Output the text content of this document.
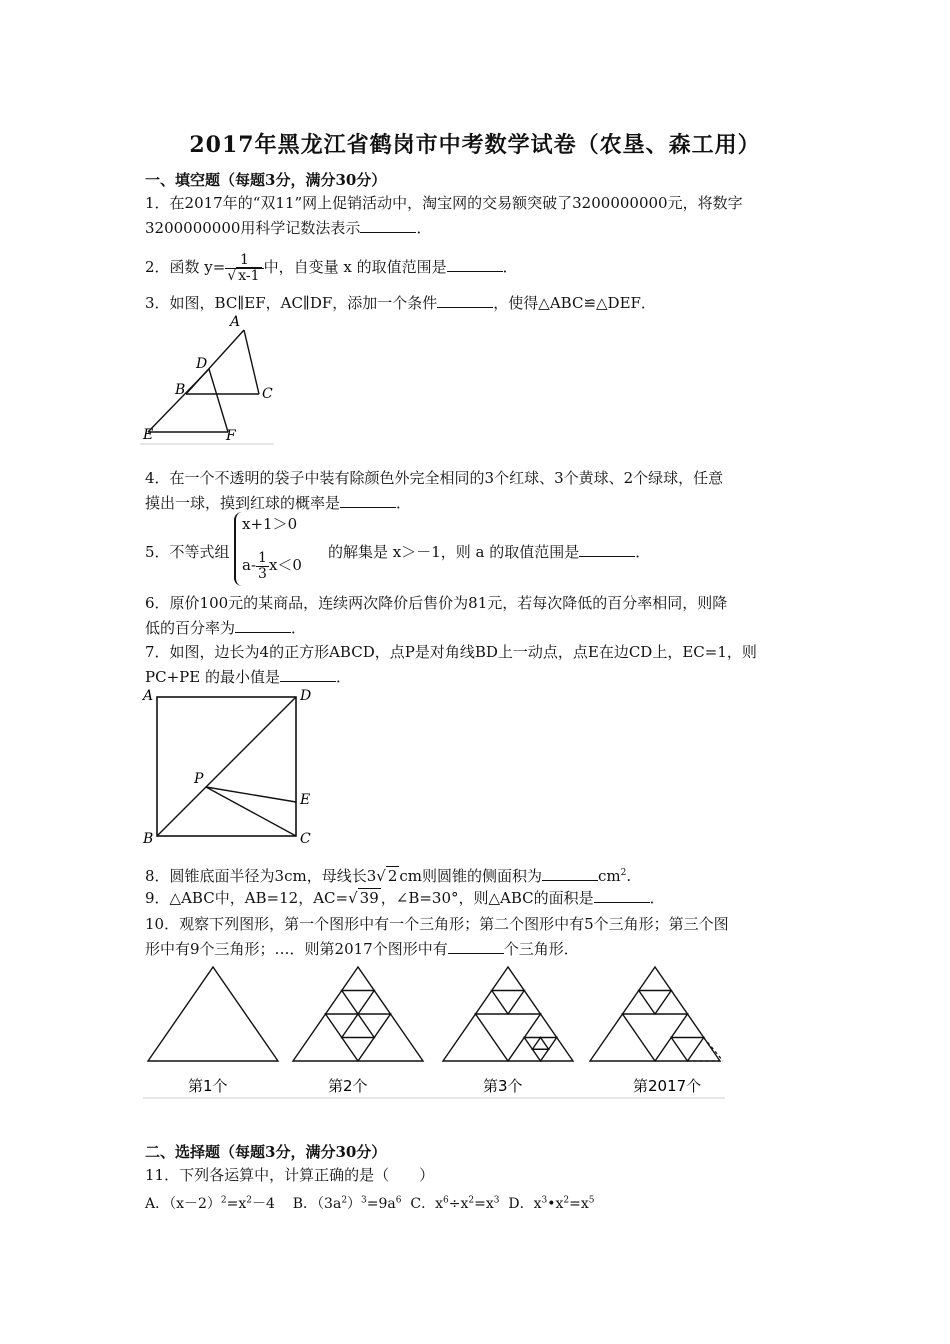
2017年黑龙江省鹤岗市中考数学试卷（农垦、森工用）
一、填空题（每题3分，满分30分）
1．在2017年的“双11”网上促销活动中，淘宝网的交易额突破了3200000000元，将数字
3200000000用科学记数法表示	．
2．函数 $y= \frac{1}{√ x-1}$ 中，自变量 x 的取值范围是	．
3．如图，BC∥EF，AC∥DF，添加一个条件	，使得△ABC≌△DEF．
A
B	C
D
E	F
4．在一个不透明的袋子中装有除颜色外完全相同的3个红球、3个黄球、2个绿球，任意
摸出一球，摸到红球的概率是	．
5．不等式组
x+1＞0
$a- \frac{1}{3} x<0$
的解集是 x＞－1，则 a 的取值范围是	．
6．原价100元的某商品，连续两次降价后售价为81元，若每次降低的百分率相同，则降
低的百分率为	．
7．如图，边长为4的正方形ABCD，点P是对角线BD上一动点，点E在边CD上，EC=1，则
PC+PE 的最小值是	．
A	D
B	C
P
E
8．圆锥底面半径为3cm，母线长3√ 2 cm则圆锥的侧面积为	$cm^2$.
9．△ABC中，AB=12，AC=√ 39 ，∠B=30°，则△ABC的面积是	．
10．观察下列图形，第一个图形中有一个三角形；第二个图形中有5个三角形；第三个图
形中有9个三角形；…．则第2017个图形中有	个三角形．
第1个	第2个	第3个	第2017个
二、选择题（每题3分，满分30分）
11．下列各运算中，计算正确的是（　　）
A．$(x-2)^2=x^2-4$ B．$(3a^2)^3=9a^6$ C．$x^6\div x^2=x^3$ D．$x^3•x^2=x^5$
